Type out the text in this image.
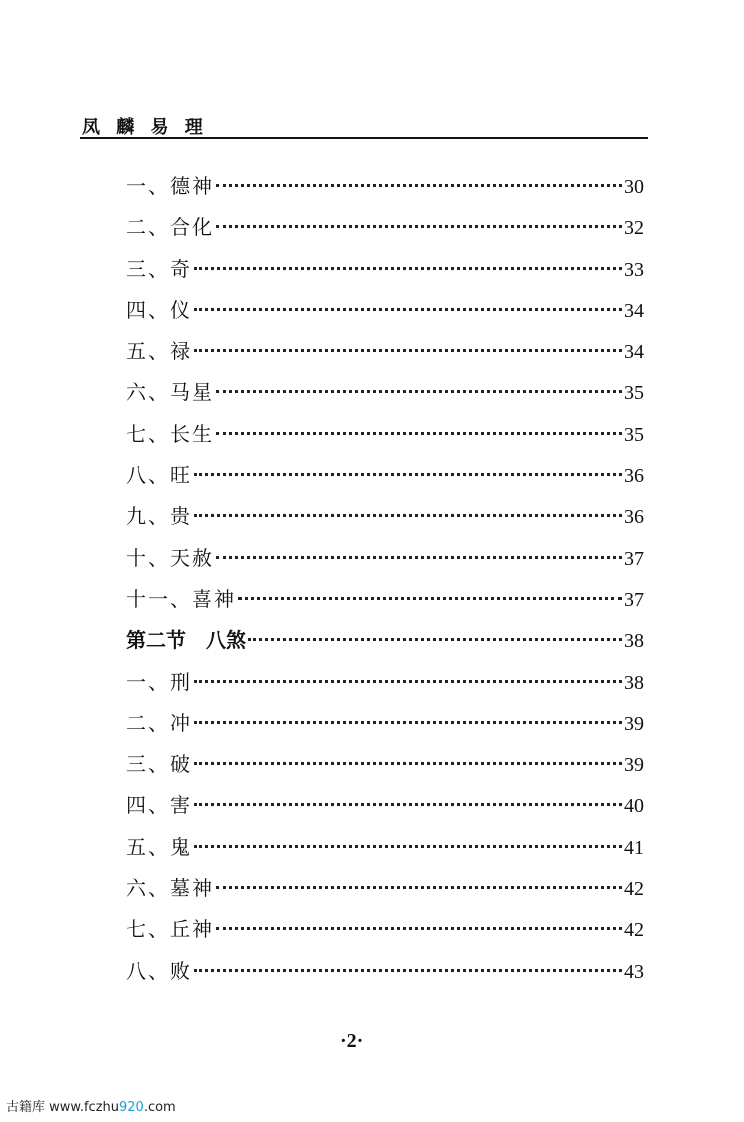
凤 麟 易 理
一、德神	30
二、合化	32
三、奇	33
四、仪	34
五、禄	34
六、马星	35
七、长生	35
八、旺	36
九、贵	36
十、天赦	37
十一、喜神	37
第二节　八煞	38
一、刑	38
二、冲	39
三、破	39
四、害	40
五、鬼	41
六、墓神	42
七、丘神	42
八、败	43
·2·
古籍库 www.fczhu920.com
